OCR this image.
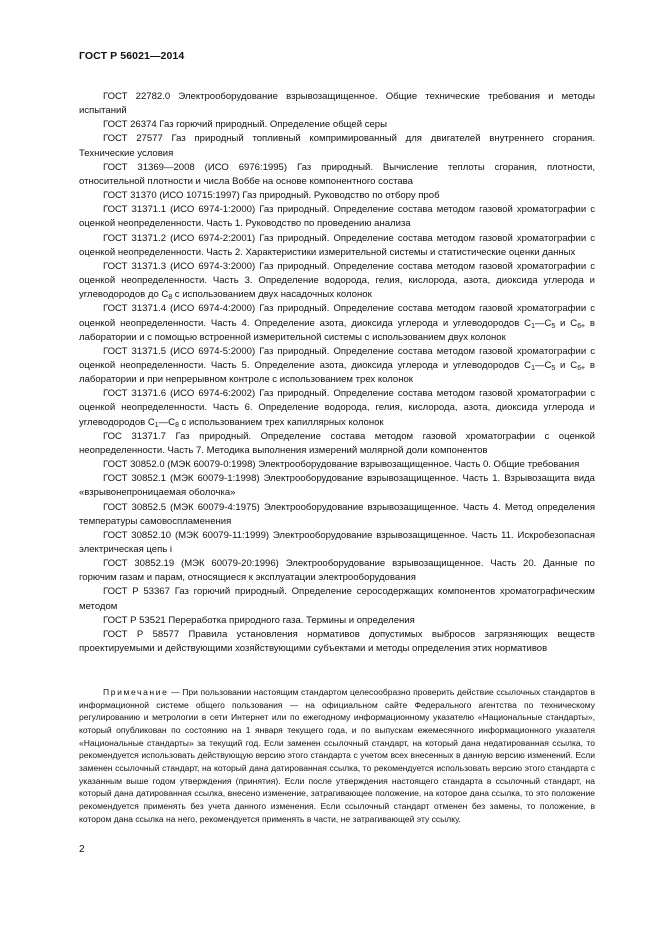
ГОСТ Р 56021—2014

ГОСТ 22782.0 Электрооборудование взрывозащищенное. Общие технические требования и методы испытаний

ГОСТ 26374 Газ горючий природный. Определение общей серы

ГОСТ 27577 Газ природный топливный компримированный для двигателей внутреннего сгорания. Технические условия

ГОСТ 31369—2008 (ИСО 6976:1995) Газ природный. Вычисление теплоты сгорания, плотности, относительной плотности и числа Воббе на основе компонентного состава

ГОСТ 31370 (ИСО 10715:1997) Газ природный. Руководство по отбору проб

ГОСТ 31371.1 (ИСО 6974-1:2000) Газ природный. Определение состава методом газовой хроматографии с оценкой неопределенности. Часть 1. Руководство по проведению анализа

ГОСТ 31371.2 (ИСО 6974-2:2001) Газ природный. Определение состава методом газовой хроматографии с оценкой неопределенности. Часть 2. Характеристики измерительной системы и статистические оценки данных

ГОСТ 31371.3 (ИСО 6974-3:2000) Газ природный. Определение состава методом газовой хроматографии с оценкой неопределенности. Часть 3. Определение водорода, гелия, кислорода, азота, диоксида углерода и углеводородов до $С_8$ с использованием двух насадочных колонок

ГОСТ 31371.4 (ИСО 6974-4:2000) Газ природный. Определение состава методом газовой хроматографии с оценкой неопределенности. Часть 4. Определение азота, диоксида углерода и углеводородов $С_1—С_5$ и $С_{6+}$ в лаборатории и с помощью встроенной измерительной системы с использованием двух колонок

ГОСТ 31371.5 (ИСО 6974-5:2000) Газ природный. Определение состава методом газовой хроматографии с оценкой неопределенности. Часть 5. Определение азота, диоксида углерода и углеводородов $С_1—С_5$ и $С_{6+}$ в лаборатории и при непрерывном контроле с использованием трех колонок

ГОСТ 31371.6 (ИСО 6974-6:2002) Газ природный. Определение состава методом газовой хроматографии с оценкой неопределенности. Часть 6. Определение водорода, гелия, кислорода, азота, диоксида углерода и углеводородов $С_1—С_8$ с использованием трех капиллярных колонок

ГОС 31371.7 Газ природный. Определение состава методом газовой хроматографии с оценкой неопределенности. Часть 7. Методика выполнения измерений молярной доли компонентов

ГОСТ 30852.0 (МЭК 60079-0:1998) Электрооборудование взрывозащищенное. Часть 0. Общие требования

ГОСТ 30852.1 (МЭК 60079-1:1998) Электрооборудование взрывозащищенное. Часть 1. Взрывозащита вида «взрывонепроницаемая оболочка»

ГОСТ 30852.5 (МЭК 60079-4:1975) Электрооборудование взрывозащищенное. Часть 4. Метод определения температуры самовоспламенения

ГОСТ 30852.10 (МЭК 60079-11:1999) Электрооборудование взрывозащищенное. Часть 11. Искробезопасная электрическая цепь i

ГОСТ 30852.19 (МЭК 60079-20:1996) Электрооборудование взрывозащищенное. Часть 20. Данные по горючим газам и парам, относящиеся к эксплуатации электрооборудования

ГОСТ Р 53367 Газ горючий природный. Определение серосодержащих компонентов хроматографическим методом

ГОСТ Р 53521 Переработка природного газа. Термины и определения

ГОСТ Р 58577 Правила установления нормативов допустимых выбросов загрязняющих веществ проектируемыми и действующими хозяйствующими субъектами и методы определения этих нормативов

Примечание — При пользовании настоящим стандартом целесообразно проверить действие ссылочных стандартов в информационной системе общего пользования — на официальном сайте Федерального агентства по техническому регулированию и метрологии в сети Интернет или по ежегодному информационному указателю «Национальные стандарты», который опубликован по состоянию на 1 января текущего года, и по выпускам ежемесячного информационного указателя «Национальные стандарты» за текущий год. Если заменен ссылочный стандарт, на который дана недатированная ссылка, то рекомендуется использовать действующую версию этого стандарта с учетом всех внесенных в данную версию изменений. Если заменен ссылочный стандарт, на который дана датированная ссылка, то рекомендуется использовать версию этого стандарта с указанным выше годом утверждения (принятия). Если после утверждения настоящего стандарта в ссылочный стандарт, на который дана датированная ссылка, внесено изменение, затрагивающее положение, на которое дана ссылка, то это положение рекомендуется применять без учета данного изменения. Если ссылочный стандарт отменен без замены, то положение, в котором дана ссылка на него, рекомендуется применять в части, не затрагивающей эту ссылку.

2
